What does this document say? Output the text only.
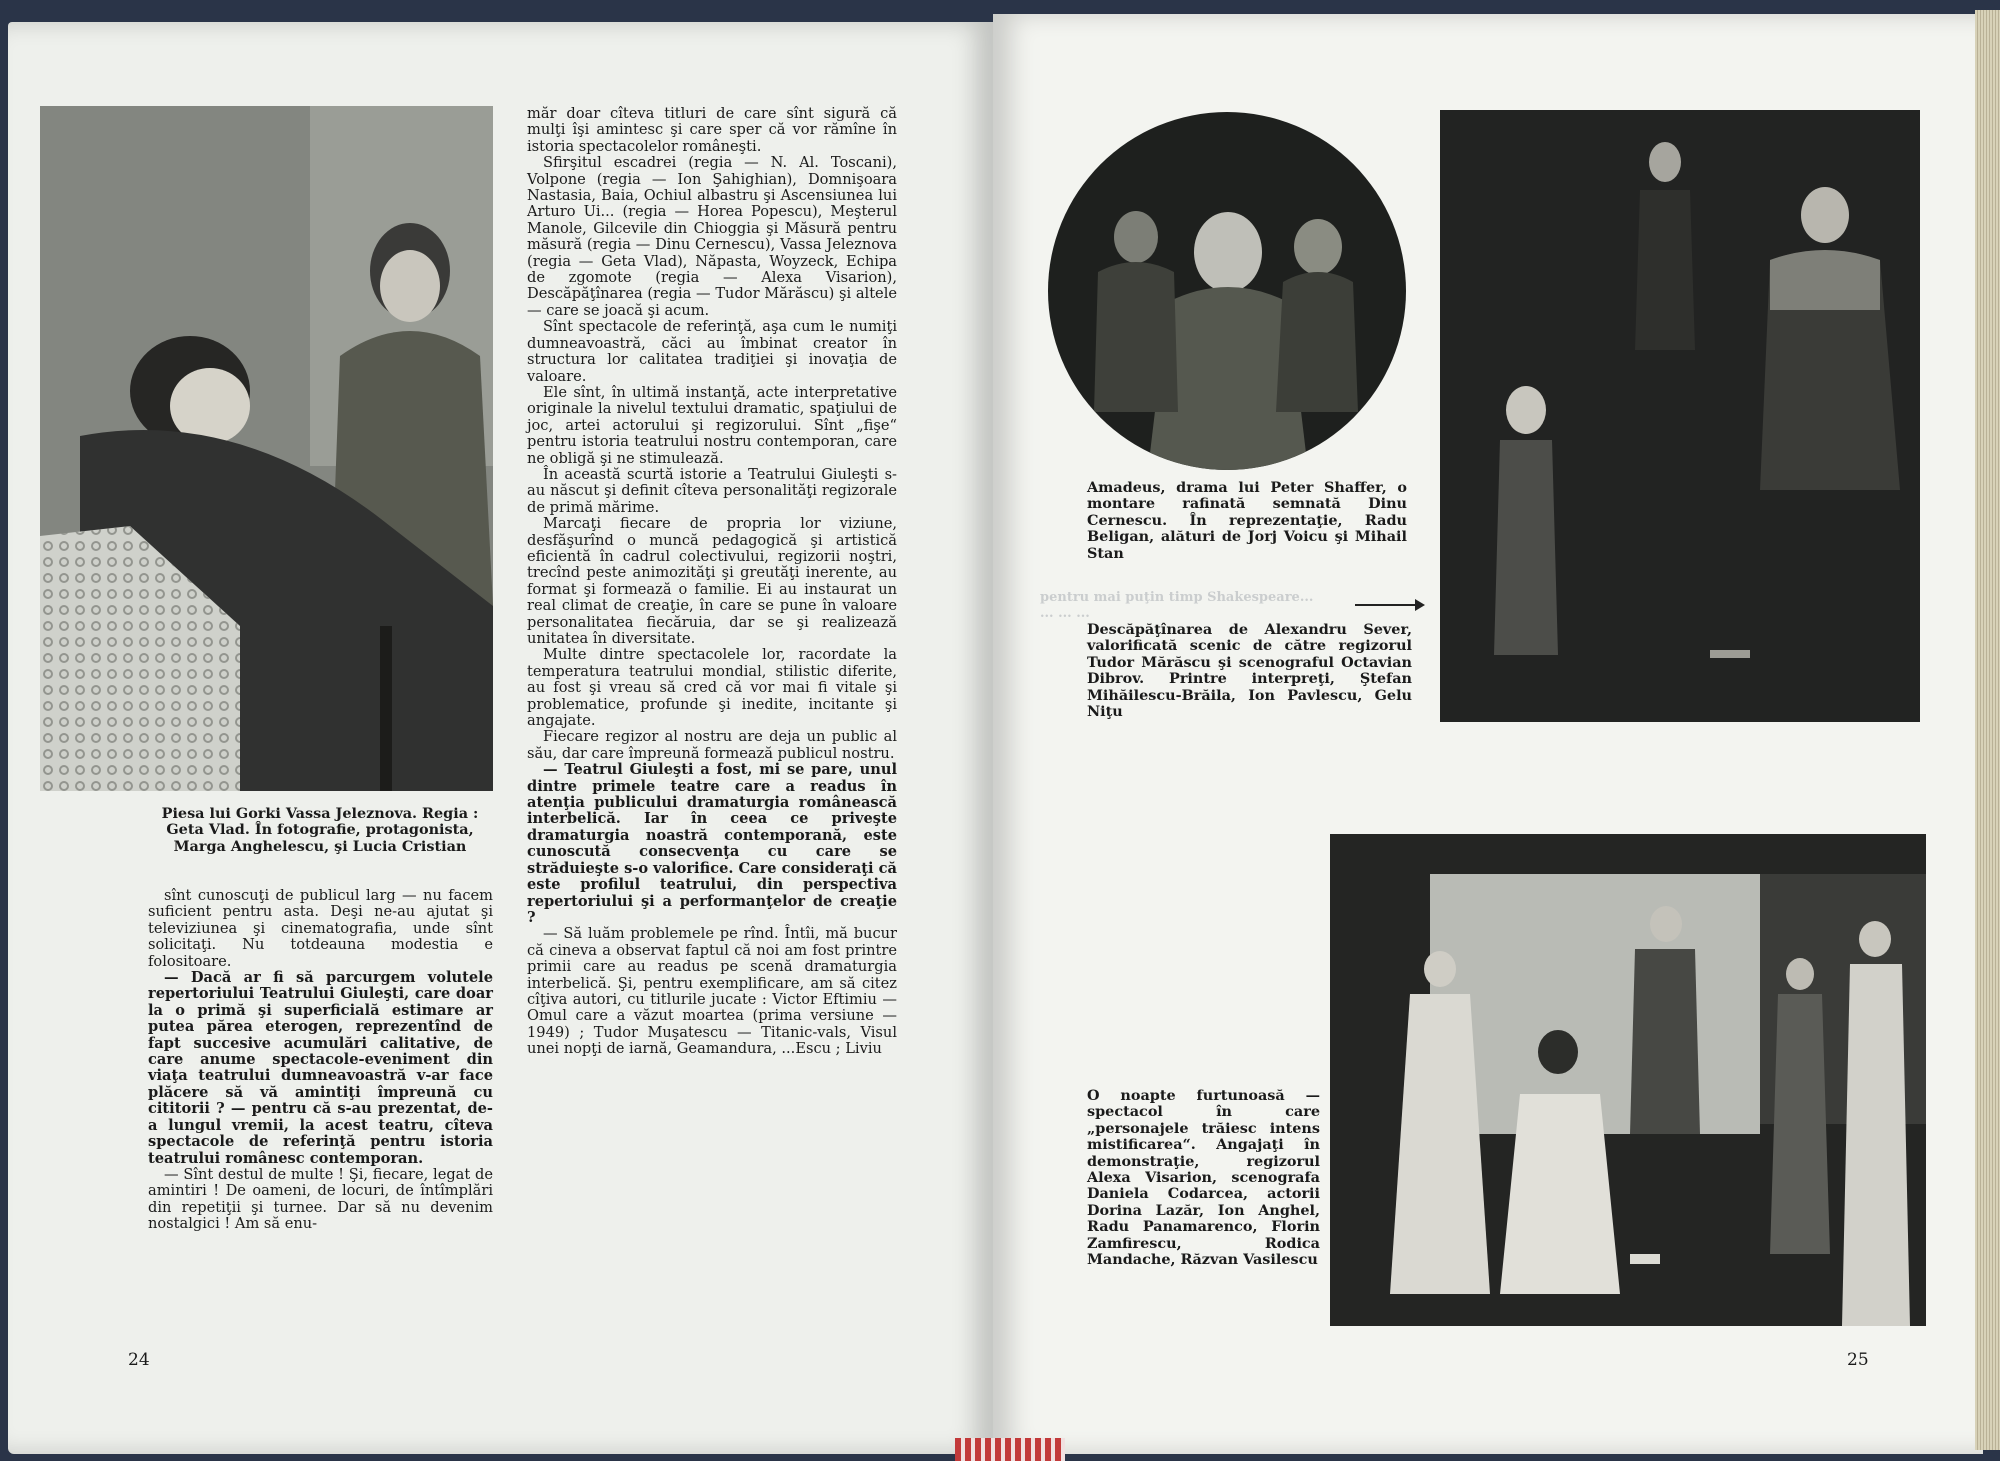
Piesa lui Gorki Vassa Jeleznova. Regia : Geta Vlad. În fotografie, protagonista, Marga Anghelescu, şi Lucia Cristian

sînt cunoscuţi de publicul larg — nu facem suficient pentru asta. Deşi ne-au ajutat şi televiziunea şi cinematografia, unde sînt solicitaţi. Nu totdeauna modestia e folositoare.

— Dacă ar fi să parcurgem volutele repertoriului Teatrului Giuleşti, care doar la o primă şi superficială estimare ar putea părea eterogen, reprezentînd de fapt succesive acumulări calitative, de care anume spectacole-eveniment din viaţa teatrului dumneavoastră v-ar face plăcere să vă amintiţi împreună cu cititorii ? — pentru că s-au prezentat, de-a lungul vremii, la acest teatru, cîteva spectacole de referinţă pentru istoria teatrului românesc contemporan.

— Sînt destul de multe ! Şi, fiecare, legat de amintiri ! De oameni, de locuri, de întîmplări din repetiţii şi turnee. Dar să nu devenim nostalgici ! Am să enu-

măr doar cîteva titluri de care sînt sigură că mulţi îşi amintesc şi care sper că vor rămîne în istoria spectacolelor româneşti.

Sfirşitul escadrei (regia — N. Al. Toscani), Volpone (regia — Ion Şahighian), Domnişoara Nastasia, Baia, Ochiul albastru şi Ascensiunea lui Arturo Ui... (regia — Horea Popescu), Meşterul Manole, Gilcevile din Chioggia şi Măsură pentru măsură (regia — Dinu Cernescu), Vassa Jeleznova (regia — Geta Vlad), Năpasta, Woyzeck, Echipa de zgomote (regia — Alexa Visarion), Descăpăţînarea (regia — Tudor Mărăscu) şi altele — care se joacă şi acum.

Sînt spectacole de referinţă, aşa cum le numiţi dumneavoastră, căci au îmbinat creator în structura lor calitatea tradiţiei şi inovaţia de valoare.

Ele sînt, în ultimă instanţă, acte interpretative originale la nivelul textului dramatic, spaţiului de joc, artei actorului şi regizorului. Sînt „fişe“ pentru istoria teatrului nostru contemporan, care ne obligă şi ne stimulează.

În această scurtă istorie a Teatrului Giuleşti s-au născut şi definit cîteva personalităţi regizorale de primă mărime.

Marcaţi fiecare de propria lor viziune, desfăşurînd o muncă pedagogică şi artistică eficientă în cadrul colectivului, regizorii noştri, trecînd peste animozităţi şi greutăţi inerente, au format şi formează o familie. Ei au instaurat un real climat de creaţie, în care se pune în valoare personalitatea fiecăruia, dar se şi realizează unitatea în diversitate.

Multe dintre spectacolele lor, racordate la temperatura teatrului mondial, stilistic diferite, au fost şi vreau să cred că vor mai fi vitale şi problematice, profunde şi inedite, incitante şi angajate.

Fiecare regizor al nostru are deja un public al său, dar care împreună formează publicul nostru.

— Teatrul Giuleşti a fost, mi se pare, unul dintre primele teatre care a readus în atenţia publicului dramaturgia românească interbelică. Iar în ceea ce priveşte dramaturgia noastră contemporană, este cunoscută consecvenţa cu care se străduieşte s-o valorifice. Care consideraţi că este profilul teatrului, din perspectiva repertoriului şi a performanţelor de creaţie ?

— Să luăm problemele pe rînd. Întîi, mă bucur că cineva a observat faptul că noi am fost printre primii care au readus pe scenă dramaturgia interbelică. Şi, pentru exemplificare, am să citez cîţiva autori, cu titlurile jucate : Victor Eftimiu — Omul care a văzut moartea (prima versiune — 1949) ; Tudor Muşatescu — Titanic-vals, Visul unei nopţi de iarnă, Geamandura, ...Escu ; Liviu

24
pentru mai puţin timp Shakespeare...
... ... ...
Amadeus, drama lui Peter Shaffer, o montare rafinată semnată Dinu Cernescu. În reprezentaţie, Radu Beligan, alături de Jorj Voicu şi Mihail Stan
Descăpăţînarea de Alexandru Sever, valorificată scenic de către regizorul Tudor Mărăscu şi scenograful Octavian Dibrov. Printre interpreţi, Ştefan Mihăilescu-Brăila, Ion Pavlescu, Gelu Niţu
O noapte furtunoasă — spectacol în care „personajele trăiesc intens mistificarea“. Angajaţi în demonstraţie, regizorul Alexa Visarion, scenografa Daniela Codarcea, actorii Dorina Lazăr, Ion Anghel, Radu Panamarenco, Florin Zamfirescu, Rodica Mandache, Răzvan Vasilescu
25
